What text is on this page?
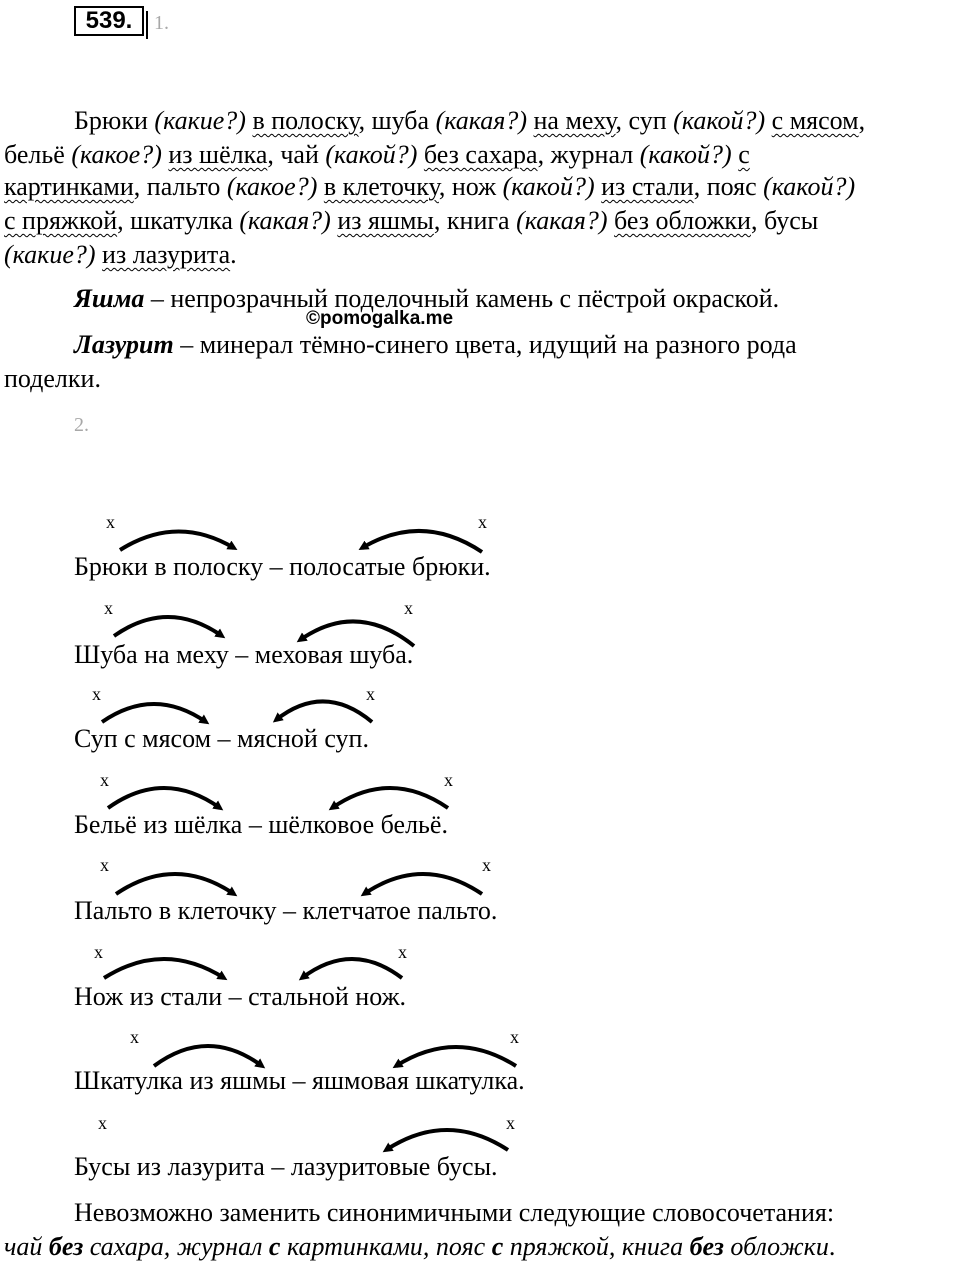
539.	1.
Брюки (какие?) в полоску, шуба (какая?) на меху, суп (какой?) с мясом,
бельё (какое?) из шёлка, чай (какой?) без сахара, журнал (какой?) с
картинками, пальто (какое?) в клеточку, нож (какой?) из стали, пояс (какой?)
с пряжкой, шкатулка (какая?) из яшмы, книга (какая?) без обложки, бусы
(какие?) из лазурита.
Яшма – непрозрачный поделочный камень с пёстрой окраской.
©pomogalka.me
Лазурит – минерал тёмно-синего цвета, идущий на разного рода
поделки.
2.
Брюки в полоску – полосатые брюки.
Шуба на меху – меховая шуба.
Суп с мясом – мясной суп.
Бельё из шёлка – шёлковое бельё.
Пальто в клеточку – клетчатое пальто.
Нож из стали – стальной нож.
Шкатулка из яшмы – яшмовая шкатулка.
Бусы из лазурита – лазуритовые бусы.
x	x
x	x
x	x
x	x
x	x
x	x
x	x
x	x
Невозможно заменить синонимичными следующие словосочетания:
чай без сахара, журнал с картинками, пояс с пряжкой, книга без обложки.
